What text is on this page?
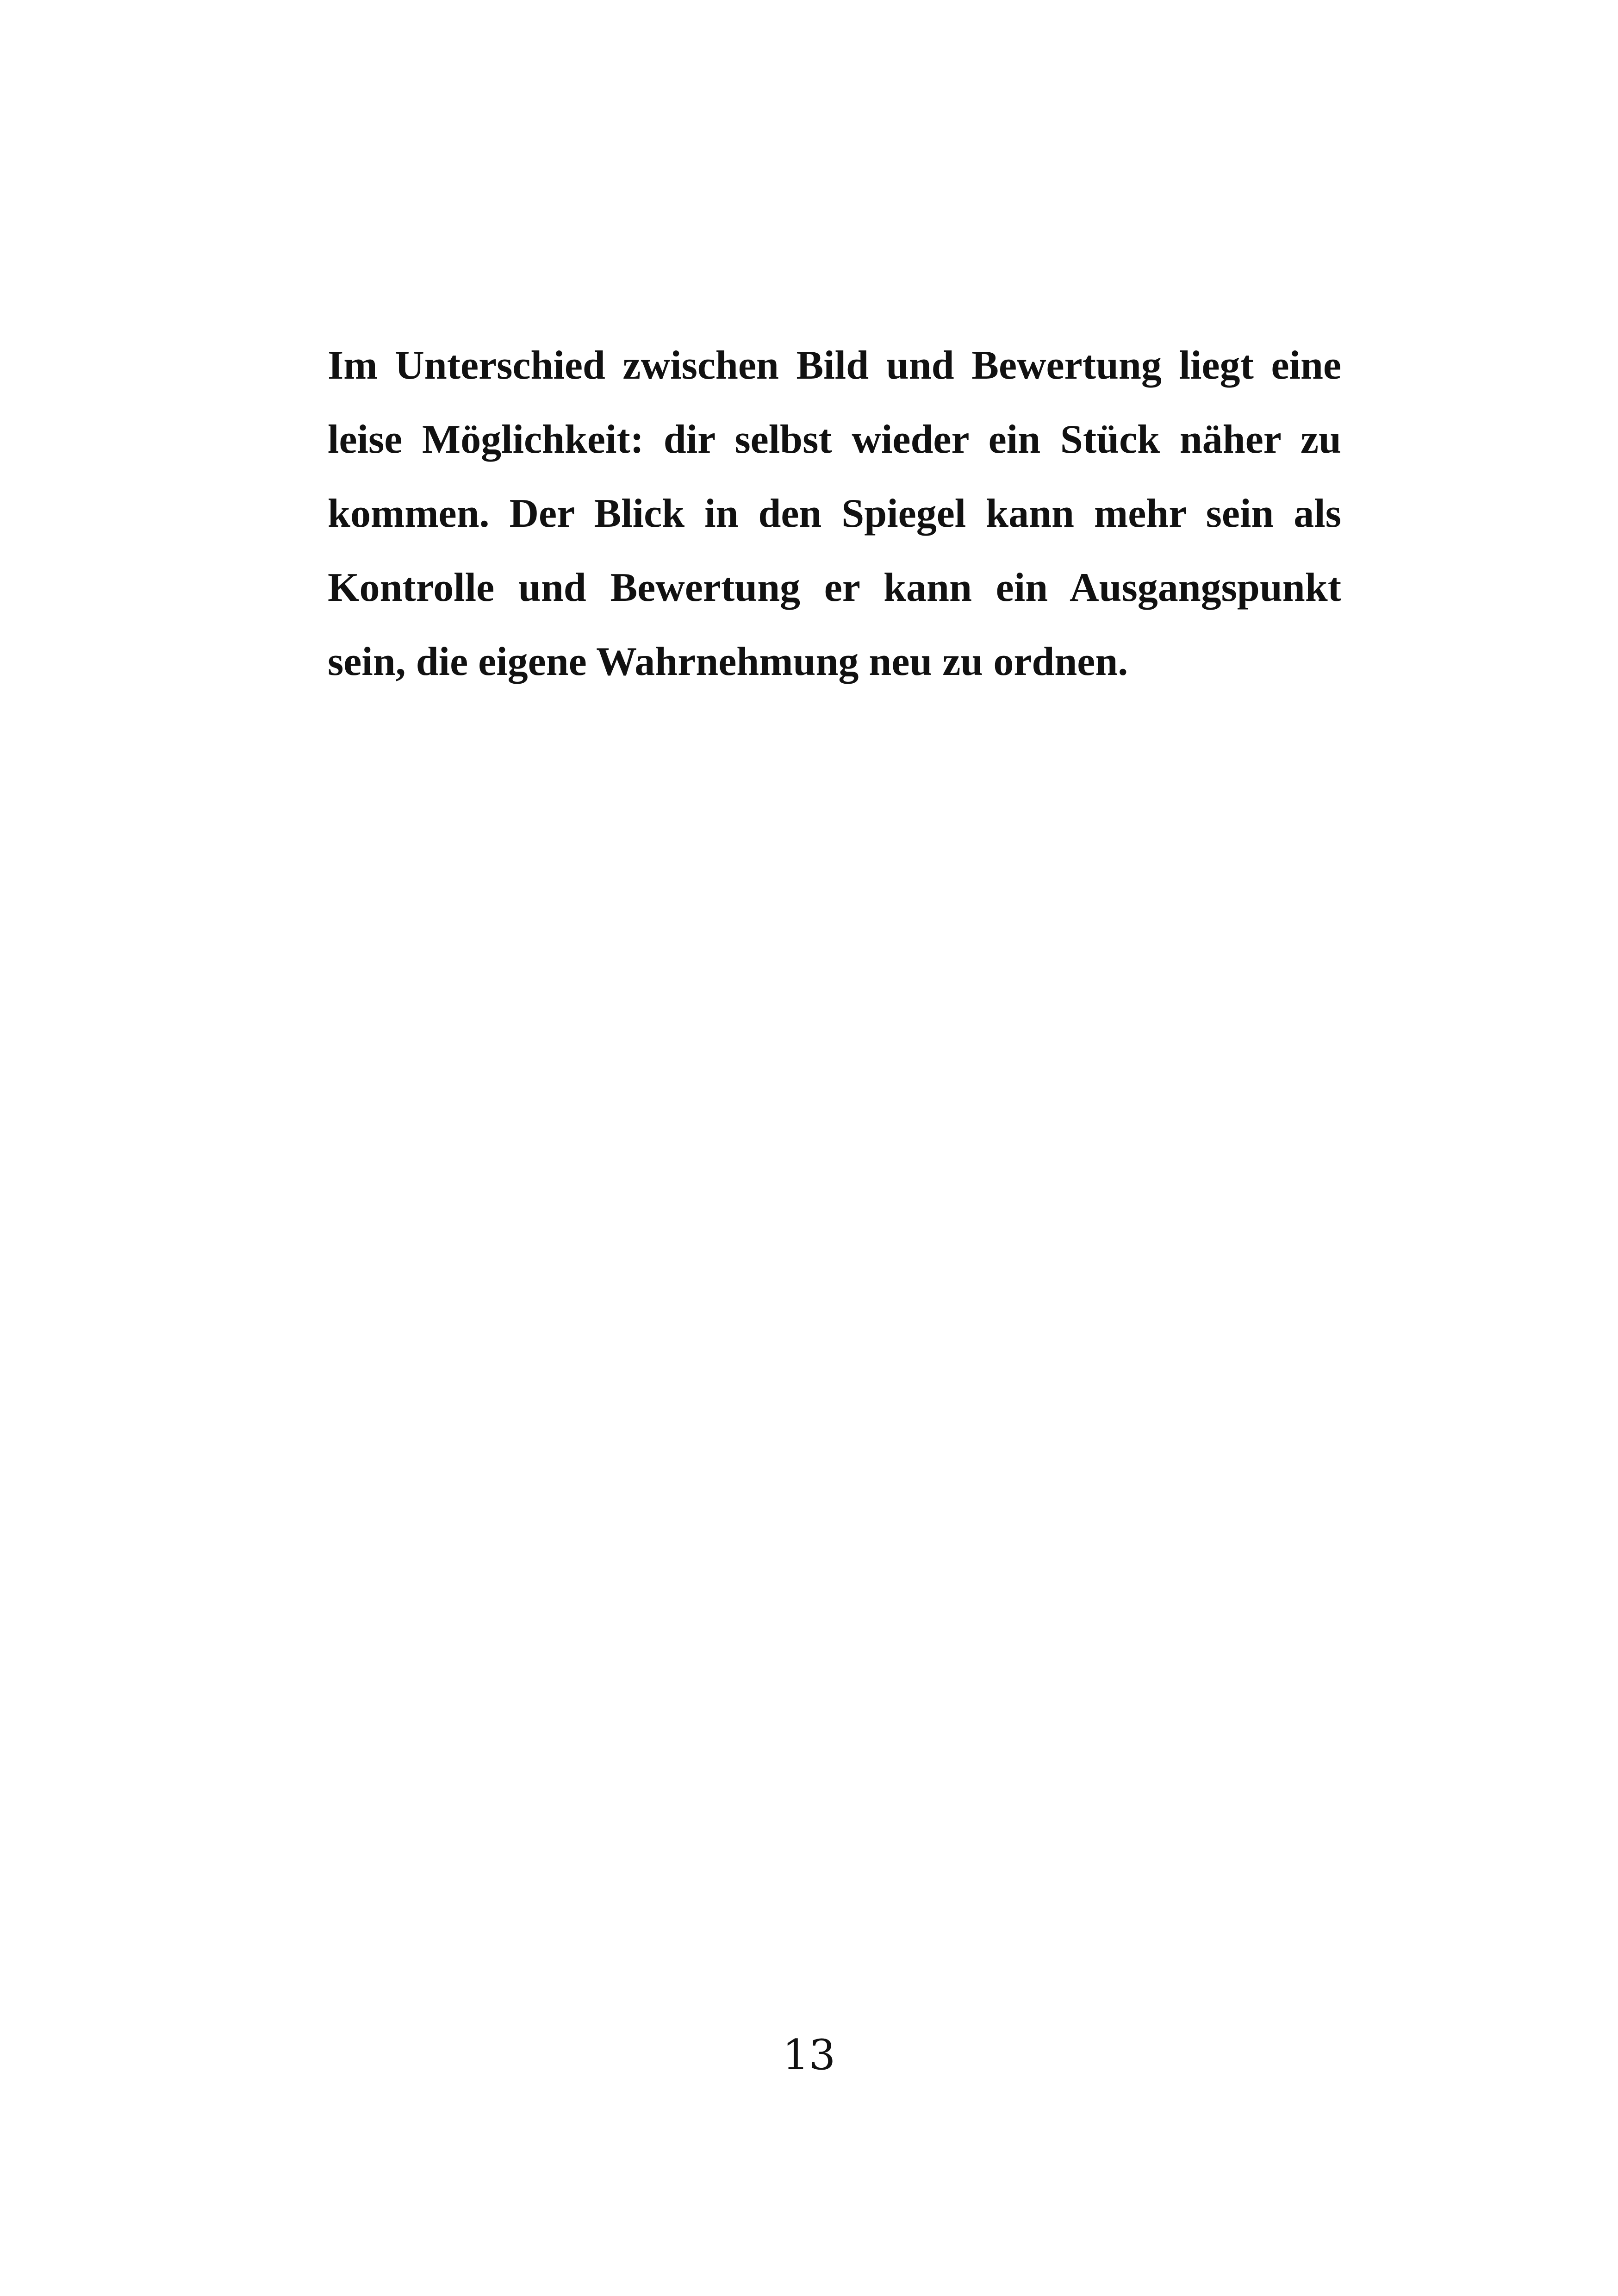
Im Unterschied zwischen Bild und Bewertung liegt eine
leise Möglichkeit: dir selbst wieder ein Stück näher zu
kommen. Der Blick in den Spiegel kann mehr sein als
Kontrolle und Bewertung er kann ein Ausgangspunkt
sein, die eigene Wahrnehmung neu zu ordnen.
13
